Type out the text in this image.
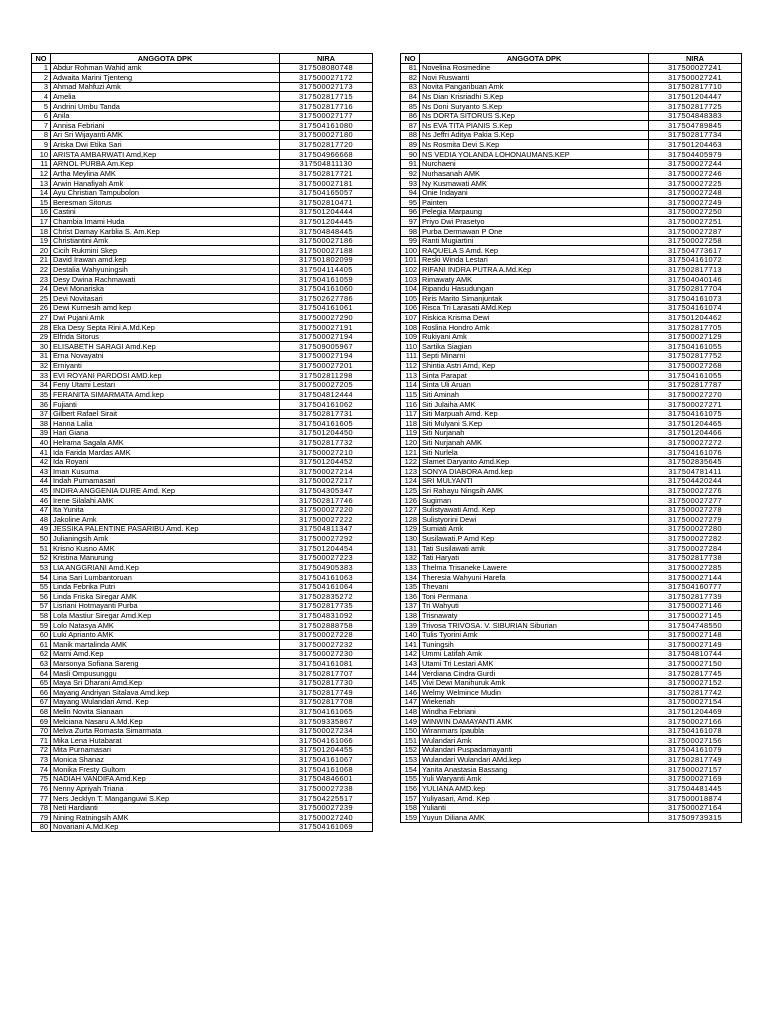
NO	ANGGOTA DPK	NIRA
1	Abdur Rohman Wahid amk	317508080748
2	Adwaita Marini Tjenteng	317500027172
3	Ahmad Mahfuzi Amk	317500027173
4	Amelia	317502817715
5	Andrini Umbu Tanda	317502817716
6	Anila	317500027177
7	Annisa Febriani	317504161080
8	Ari Sri Wijayanti AMK	317500027180
9	Ariska Dwi Etika Sari	317502817720
10	ARISTA AMBARWATI Amd,Kep	317504966668
11	ARNOL PURBA Am.Kep	317504811130
12	Artha Meylina AMK	317502817721
13	Arwin Hanafiyah Amk	317500027181
14	Ayu Christian Tampubolon	317504165057
15	Beresman Sitorus	317502810471
16	Castini	317501204444
17	Chambia Imami Huda	317501204445
18	Christ Damay Karblia S. Am.Kep	317504848445
19	Christiantini Amk	317500027186
20	Cicih Rukmini Skep	317500027188
21	David Irawan amd.kep	317501802099
22	Destalia Wahyuningsih	317504114405
23	Desy Dwina Rachmawati	317504161059
24	Devi Monariska	317504161060
25	Devi Novitasari	317502627786
26	Dewi Kurnesih amd kep	317504161061
27	Dwi Pujani Amk	317500027290
28	Eka Desy Septa Rini A.Md.Kep	317500027191
29	Elfrida Sitorus	317500027194
30	ELISABETH SARAGI Amd.Kep	317509005967
31	Erna Novayatni	317500027194
32	Erniyanti	317500027201
33	EVI ROYANI PARDOSI AMD.kep	317502811298
34	Feny Utami Lestari	317500027205
35	FERANITA SIMARMATA Amd.kep	317504812444
36	Fujianti	317504161062
37	Gilbert Rafael Sirait	317502817731
38	Hanna Lalia	317504161605
39	Hari Giana	317501204450
40	Helrama Sagala AMK	317502817732
41	Ida Farida Mardas AMK	317500027210
42	Ida Royani	317501204452
43	Iman Kusuma	317500027214
44	Indah Purnamasari	317500027217
45	INDIRA ANGGENIA DURE Amd. Kep	317504305347
46	Irene Silalahi AMK	317502817746
47	Ita Yunita	317500027220
48	Jakoline Amk	317500027222
49	JESSIKA PALENTINE PASARIBU Amd. Kep	317504811347
50	Julianingsih Amk	317500027292
51	Krisno Kusno AMK	317501204454
52	Kristina Manurung	317500027223
53	LIA ANGGRIANI Amd.Kep	317504905383
54	Lina Sari Lumbantoruan	317504161063
55	Linda Febrika Putri	317504161064
56	Linda Friska Siregar AMK	317502835272
57	Lisriani Hotmayanti Purba	317502817735
58	Lola Mastiur Siregar Amd.Kep	317504831092
59	Lolo Natasya AMK	317502888758
60	Luki Aprianto AMK	317500027228
61	Manik martalinda AMK	317500027232
62	Marni Amd.Kep	317500027230
63	Marsonya Sofiana Sareng	317504161081
64	Masli Ompusunggu	317502817707
65	Maya Sri Dharani Amd.Kep	317502817730
66	Mayang Andriyan Sitalava Amd.kep	317502817749
67	Mayang Wulandari Amd. Kep	317502817708
68	Melin Novita Sianaan	317504161065
69	Melciana Nasaru A.Md.Kep	317509335867
70	Melva Zurta Romasta Simarmata	317500027234
71	Mika Lena Hutabarat	317504161066
72	Mita Purnamasari	317501204455
73	Monica Shanaz	317504161067
74	Monika Fresty Gultom	317504161068
75	NADIAH VANDIFA Amd.Kep	317504846601
76	Nenny Apriyah Triana	317500027238
77	Ners Jecklyn T. Manganguwi S.Kep	317504225517
78	Neti Hardianti	317500027239
79	Nining Ratningsih AMK	317500027240
80	Novariani A.Md.Kep	317504161069
NO	ANGGOTA DPK	NIRA
81	Novelina Rosmedine	317500027241
82	Novi Ruswanti	317500027241
83	Novita Pangaribuan Amk	317502817710
84	Ns Dian Krisriadhi S.Kep	317501204447
85	Ns Doni Suryanto S.Kep	317502817725
86	Ns DORTA SITORUS S.Kep	317504848383
87	Ns EVA TITA PIANIS S.Kep	317504789845
88	Ns Jeffri Aditya Pakia S.Kep	317502817734
89	Ns Rosmita Devi S.Kep	317501204463
90	NS VEDIA YOLANDA LOHONAUMANS.KEP	317504405979
91	Nurchaeni	317500027244
92	Nurhasanah AMK	317500027246
93	Ny Kusmawati AMK	317500027225
94	Onie Indayani	317500027248
95	Painten	317500027249
96	Pelegia Marpaung	317500027250
97	Priyo Dwi Prasetyo	317500027251
98	Purba Dermawan P One	317500027287
99	Ranti Mugiartini	317500027258
100	RAQUELA S Amd. Kep	317504773617
101	Reski Winda Lestari	317504161072
102	RIFANI INDRA PUTRA A.Md.Kep	317502817713
103	Rimawaty AMK	317504040146
104	Ripandu Hasudungan	317502817704
105	Riris Marito Simanjuntak	317504161073
106	Risca Tri Larasati AMd.Kep	317504161074
107	Riskica Krisma Dewi	317501204462
108	Roslina Hondro Amk	317502817705
109	Rukiyani Amk	317500027129
110	Sartika Siagian	317504161055
111	Septi Minarni	317502817752
112	Shintia Astri Amd, Kep	317500027268
113	Sinta Parapat	317504161055
114	Sinta Uli Aruan	317502817787
115	Siti Aminah	317500027270
116	Siti Julaiha AMK	317500027271
117	Siti Marpuah Amd. Kep	317504161075
118	Siti Mulyani S.Kep	317501204465
119	Siti Nurjanah	317501204466
120	Siti Nurjanah AMK	317500027272
121	Siti Nurlela	317504161076
122	Slamet Daryanto Amd.Kep	317502835645
123	SONYA DIABORA Amd.kep	317504781411
124	SRI MULYANTI	317504420244
125	Sri Rahayu Ningsih AMK	317500027276
126	Sugiman	317500027277
127	Sulistyawati Amd. Kep	317500027278
128	Sulistyorini Dewi	317500027279
129	Sumiati Amk	317500027280
130	Susilawati.P Amd Kep	317500027282
131	Tati Susilawati amk	317500027284
132	Tati Haryati	317502817738
133	Thelma Trisaneke Lawere	317500027285
134	Theresia Wahyuni Harefa	317500027144
135	Thevani	317504160777
136	Toni Permana	317502817739
137	Tri Wahyuti	317500027146
138	Trisnawaty	317500027145
139	Trivosa TRIVOSA. V. SIBURIAN Siburian	317504748550
140	Tulis Tyorini Amk	317500027148
141	Tuningsih	317500027149
142	Ummi Latifah Amk	317504810744
143	Utami Tri Lestari AMK	317500027150
144	Verdiana Cindra Gurdi	317502817745
145	Vivi Dewi Manihuruk Amk	317500027152
146	Welmy Welmince Mudin	317502817742
147	Wiekenah	317500027154
148	Windha Febriani	317501204469
149	WINWIN DAMAYANTI AMK	317500027166
150	Wiranmars Ipaubla	317504161078
151	Wulandari Amk	317500027156
152	Wulandari Puspadamayanti	317504161079
153	Wulandari Wulandari AMd.kep	317502817749
154	Yanita Anastasia Bassang	317500027157
155	Yuli Waryanti Amk	317500027169
156	YULIANA AMD.kep	317504481445
157	Yuliyasari, Amd. Kep	317500018874
158	Yulianti	317500027164
159	Yuyun Diliana AMK	317509739315
